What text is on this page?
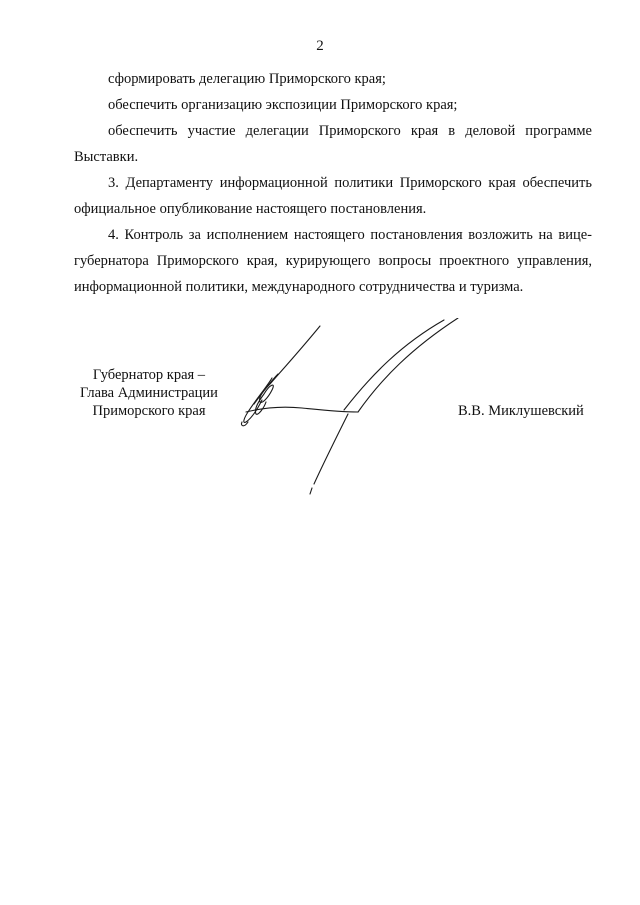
2

сформировать делегацию Приморского края;

обеспечить организацию экспозиции Приморского края;

обеспечить участие делегации Приморского края в деловой программе Выставки.

3. Департаменту информационной политики Приморского края обеспечить официальное опубликование настоящего постановления.

4. Контроль за исполнением настоящего постановления возложить на вице-губернатора Приморского края, курирующего вопросы проектного управления, информационной политики, международного сотрудничества и туризма.

Губернатор края –
Глава Администрации
Приморского края	В.В. Миклушевский
